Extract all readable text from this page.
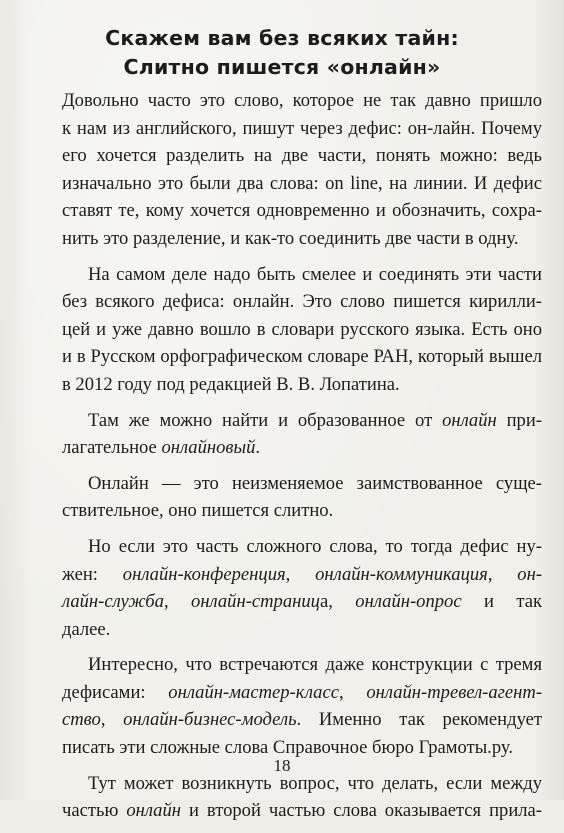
Скажем вам без всяких тайн:
Слитно пишется «онлайн»
Довольно часто это слово, которое не так давно пришло
к нам из английского, пишут через дефис: он-лайн. Почему
его хочется разделить на две части, понять можно: ведь
изначально это были два слова: on line, на линии. И дефис
ставят те, кому хочется одновременно и обозначить, сохра-
нить это разделение, и как-то соединить две части в одну.
На самом деле надо быть смелее и соединять эти части
без всякого дефиса: онлайн. Это слово пишется кирилли-
цей и уже давно вошло в словари русского языка. Есть оно
и в Русском орфографическом словаре РАН, который вышел
в 2012 году под редакцией В. В. Лопатина.
Там же можно найти и образованное от онлайн при-
лагательное онлайновый.
Онлайн — это неизменяемое заимствованное суще-
ствительное, оно пишется слитно.
Но если это часть сложного слова, то тогда дефис ну-
жен: онлайн-конференция, онлайн-коммуникация, он-
лайн-служба, онлайн-страница, онлайн-опрос и так
далее.
Интересно, что встречаются даже конструкции с тремя
дефисами: онлайн-мастер-класс, онлайн-тревел-агент-
ство, онлайн-бизнес-модель. Именно так рекомендует
писать эти сложные слова Справочное бюро Грамоты.ру.
Тут может возникнуть вопрос, что делать, если между
частью онлайн и второй частью слова оказывается прила-
18
